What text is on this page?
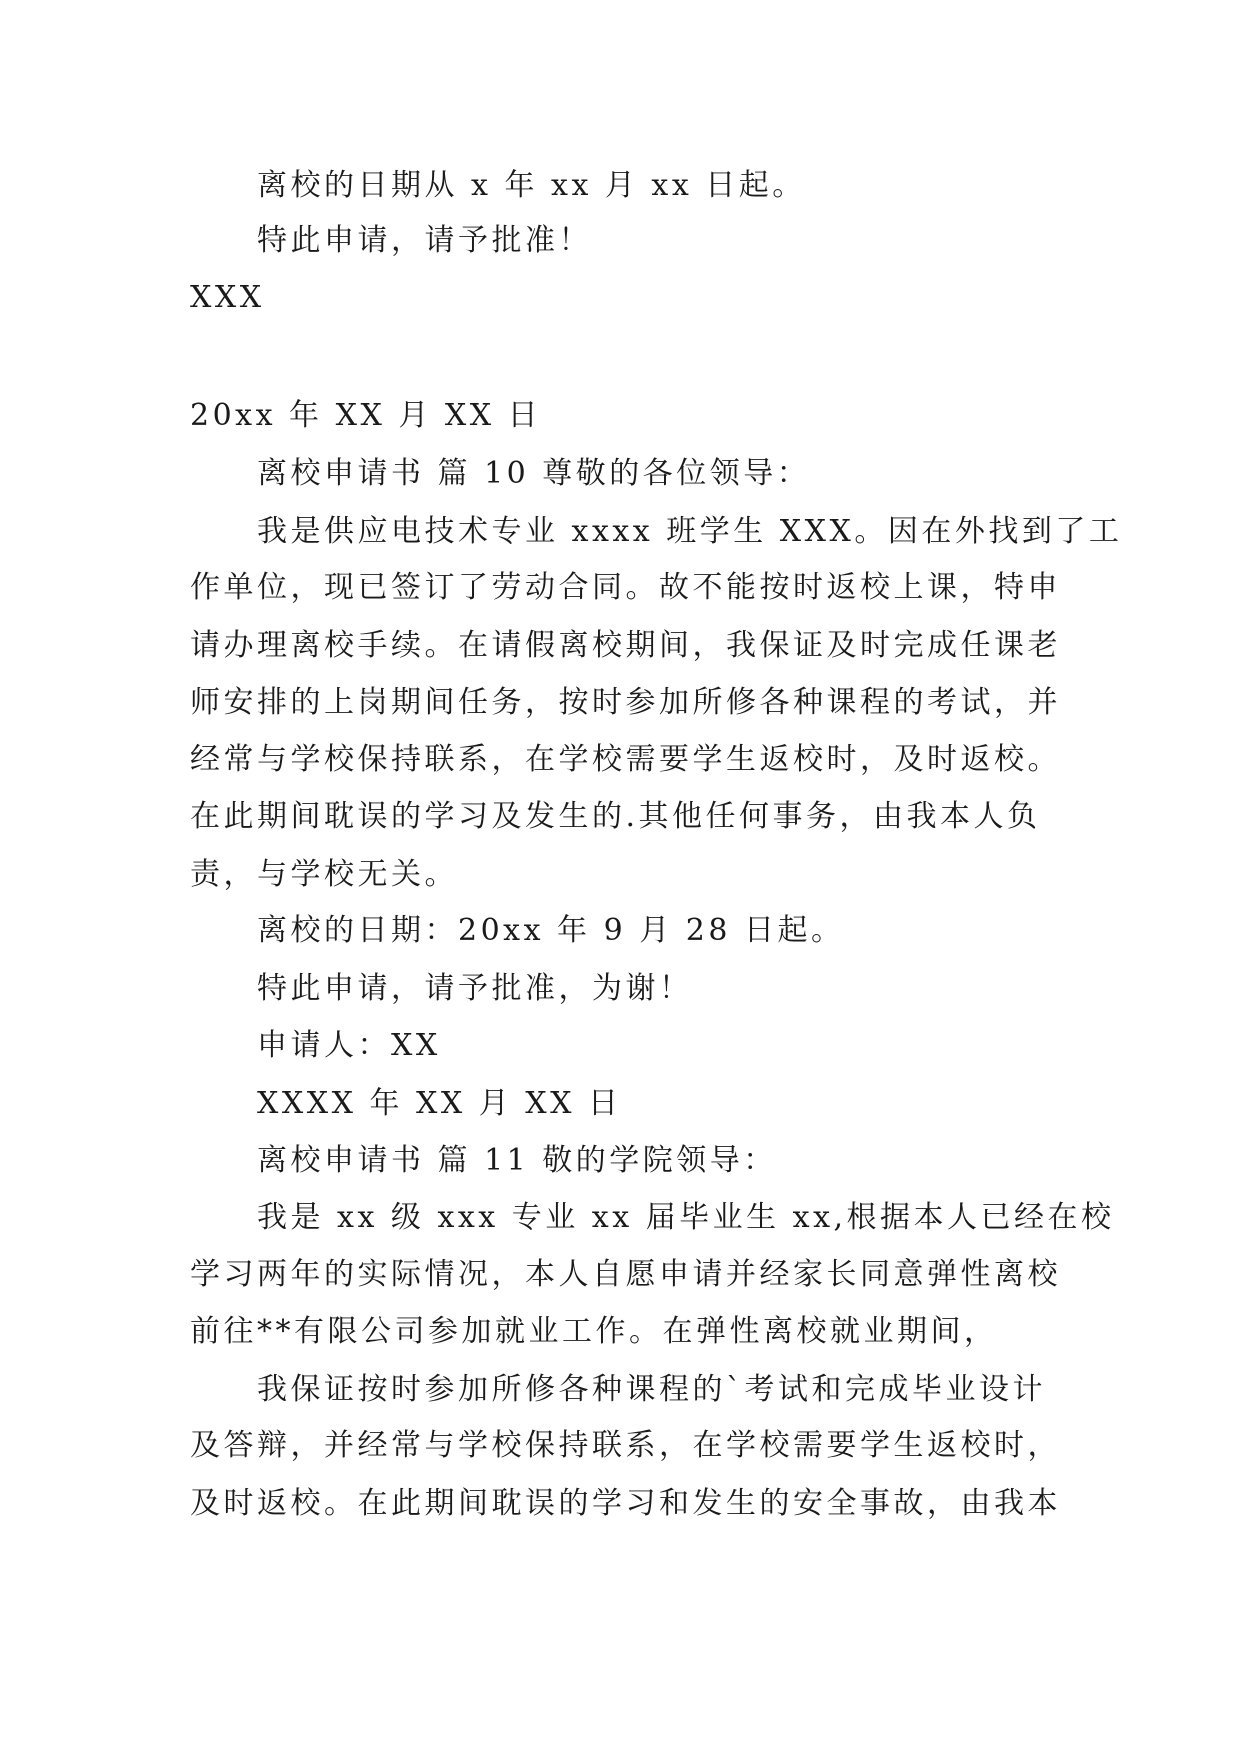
离校的日期从 x 年 xx 月 xx 日起。
特此申请，请予批准！
XXX
20xx 年 XX 月 XX 日
离校申请书 篇 10 尊敬的各位领导：
我是供应电技术专业 xxxx 班学生 XXX。因在外找到了工
作单位，现已签订了劳动合同。故不能按时返校上课，特申
请办理离校手续。在请假离校期间，我保证及时完成任课老
师安排的上岗期间任务，按时参加所修各种课程的考试，并
经常与学校保持联系，在学校需要学生返校时，及时返校。
在此期间耽误的学习及发生的.其他任何事务，由我本人负
责，与学校无关。
离校的日期：20xx 年 9 月 28 日起。
特此申请，请予批准，为谢！
申请人：XX
XXXX 年 XX 月 XX 日
离校申请书 篇 11 敬的学院领导：
我是 xx 级 xxx 专业 xx 届毕业生 xx,根据本人已经在校
学习两年的实际情况，本人自愿申请并经家长同意弹性离校
前往**有限公司参加就业工作。在弹性离校就业期间，
我保证按时参加所修各种课程的`考试和完成毕业设计
及答辩，并经常与学校保持联系，在学校需要学生返校时，
及时返校。在此期间耽误的学习和发生的安全事故，由我本
